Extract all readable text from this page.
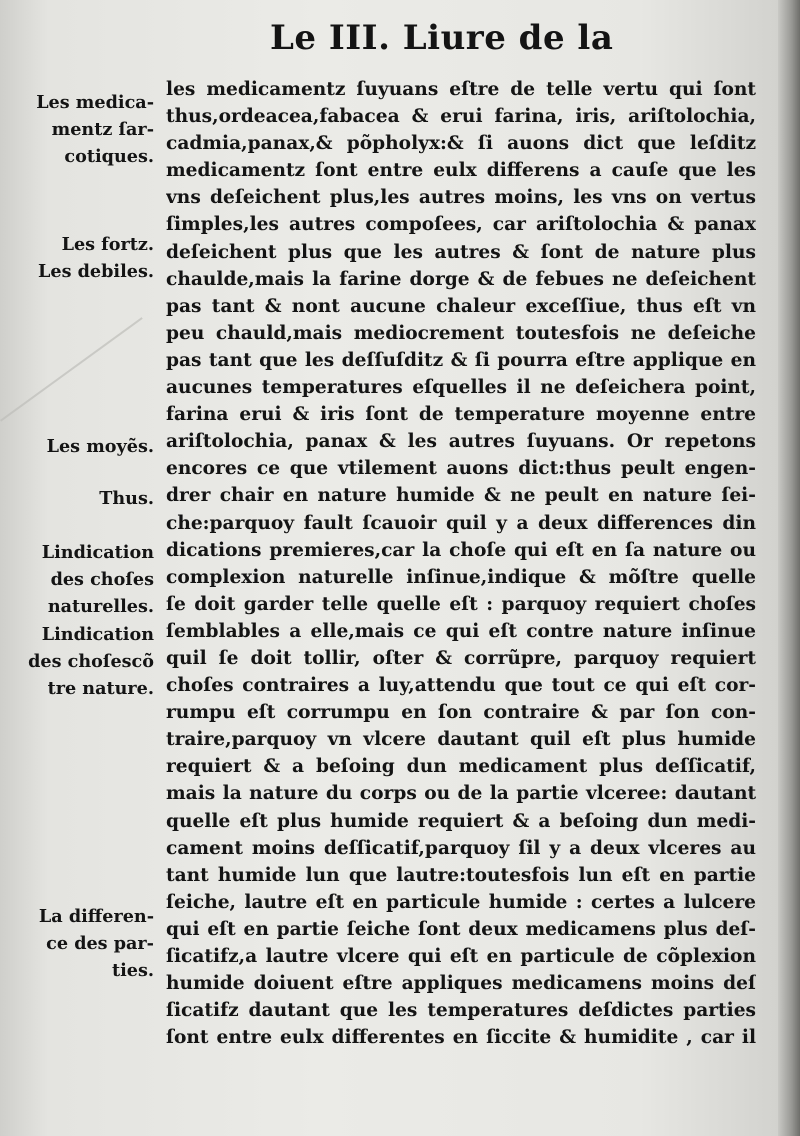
Le III. Liure de la
les medicamentz ſuyuans eſtre de telle vertu qui ſont
thus,ordeacea,fabacea & erui farina, iris, ariſtolochia,
cadmia,panax,& põpholyx:& ſi auons dict que leſditz
medicamentz ſont entre eulx differens a cauſe que les
vns deſeichent plus,les autres moins, les vns on vertus
ſimples,les autres compoſees, car ariſtolochia & panax
deſeichent plus que les autres & ſont de nature plus
chaulde,mais la farine dorge & de febues ne deſeichent
pas tant & nont aucune chaleur exceſſiue, thus eſt vn
peu chauld,mais mediocrement toutesfois ne deſeiche
pas tant que les deſſuſditz & ſi pourra eſtre applique en
aucunes temperatures eſquelles il ne deſeichera point,
farina erui & iris ſont de temperature moyenne entre
ariſtolochia, panax & les autres ſuyuans. Or repetons
encores ce que vtilement auons dict:thus peult engen-
drer chair en nature humide & ne peult en nature ſei-
che:parquoy fault ſcauoir quil y a deux differences din
dications premieres,car la choſe qui eſt en ſa nature ou
complexion naturelle inſinue,indique & mõſtre quelle
ſe doit garder telle quelle eſt : parquoy requiert choſes
ſemblables a elle,mais ce qui eſt contre nature inſinue
quil ſe doit tollir, oſter & corrũpre, parquoy requiert
choſes contraires a luy,attendu que tout ce qui eſt cor-
rumpu eſt corrumpu en ſon contraire & par ſon con-
traire,parquoy vn vlcere dautant quil eſt plus humide
requiert & a beſoing dun medicament plus deſſicatif,
mais la nature du corps ou de la partie vlceree: dautant
quelle eſt plus humide requiert & a beſoing dun medi-
cament moins deſſicatif,parquoy ſil y a deux vlceres au
tant humide lun que lautre:toutesfois lun eſt en partie
ſeiche, lautre eſt en particule humide : certes a lulcere
qui eſt en partie ſeiche ſont deux medicamens plus deſ-
ſicatifz,a lautre vlcere qui eſt en particule de cõplexion
humide doiuent eſtre appliques medicamens moins deſ
ſicatifz dautant que les temperatures deſdictes parties
ſont entre eulx differentes en ſiccite & humidite , car il
Les medica-
mentz ſar-
cotiques.
Les fortz.
Les debiles.
Les moyẽs.
Thus.
Lindication
des choſes
naturelles.
Lindication
des choſescõ
tre nature.
La differen-
ce des par-
ties.
